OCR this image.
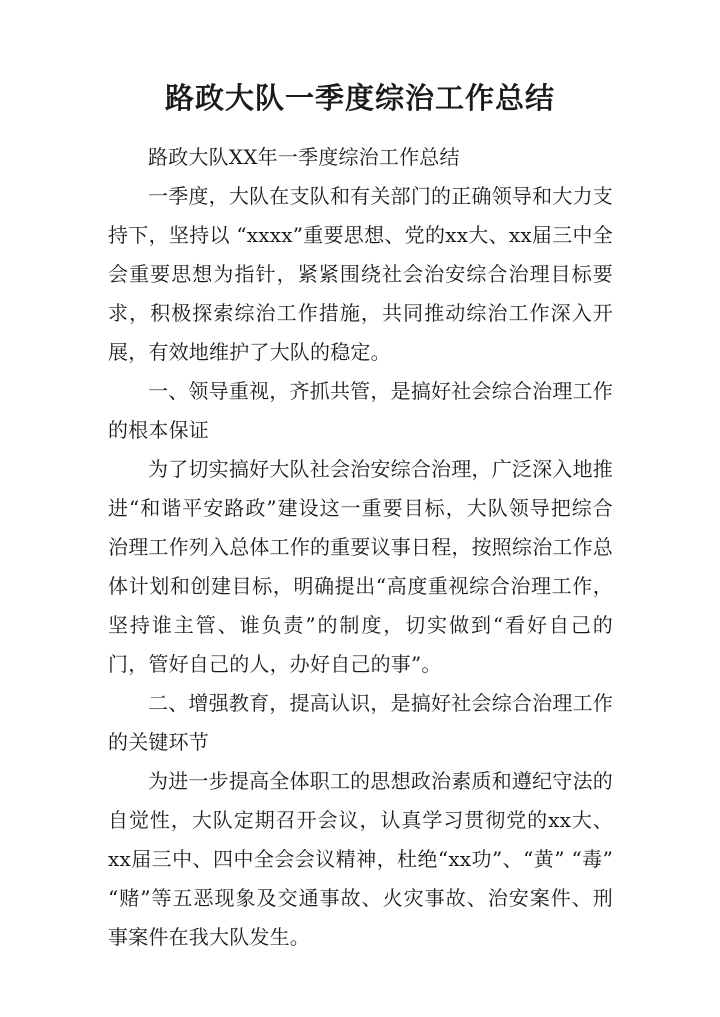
路政大队一季度综治工作总结

路政大队XX年一季度综治工作总结

一季度，大队在支队和有关部门的正确领导和大力支持下，坚持以 “xxxx”重要思想、党的xx大、xx届三中全会重要思想为指针，紧紧围绕社会治安综合治理目标要求，积极探索综治工作措施，共同推动综治工作深入开展，有效地维护了大队的稳定。

一、领导重视，齐抓共管，是搞好社会综合治理工作的根本保证

为了切实搞好大队社会治安综合治理，广泛深入地推进“和谐平安路政”建设这一重要目标，大队领导把综合治理工作列入总体工作的重要议事日程，按照综治工作总体计划和创建目标，明确提出“高度重视综合治理工作，坚持谁主管、谁负责”的制度，切实做到“看好自己的门，管好自己的人，办好自己的事”。

二、增强教育，提高认识，是搞好社会综合治理工作的关键环节

为进一步提高全体职工的思想政治素质和遵纪守法的自觉性，大队定期召开会议，认真学习贯彻党的xx大、xx届三中、四中全会会议精神，杜绝“xx功”、“黄” “毒” “赌”等五恶现象及交通事故、火灾事故、治安案件、刑事案件在我大队发生。
